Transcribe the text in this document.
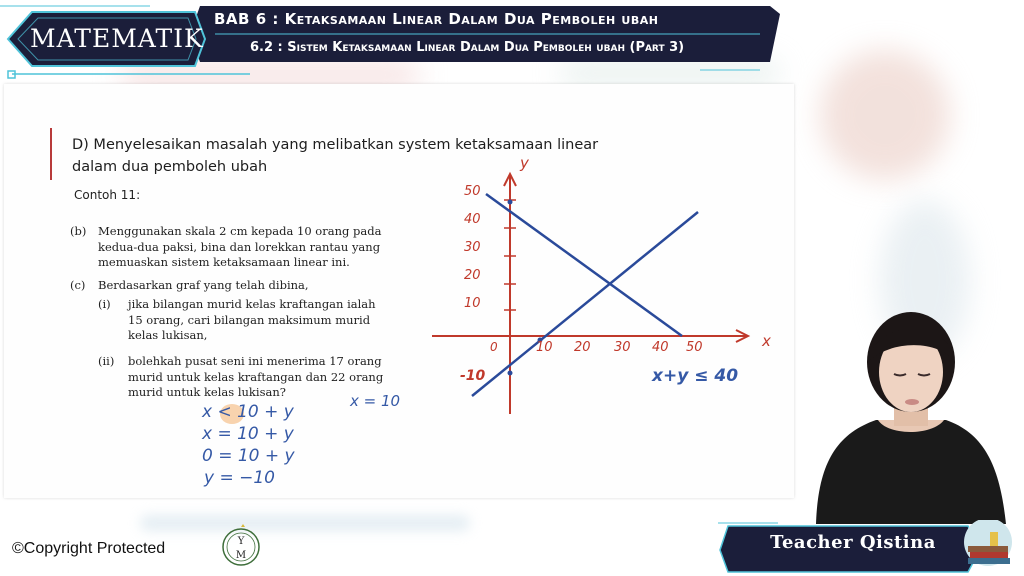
MATEMATIK
BAB 6 : Ketaksamaan Linear Dalam Dua Pemboleh ubah
6.2 : Sistem Ketaksamaan Linear Dalam Dua Pemboleh ubah (Part 3)
D) Menyelesaikan masalah yang melibatkan system ketaksamaan linear
dalam dua pemboleh ubah
Contoh 11:
(b) Menggunakan skala 2 cm kepada 10 orang pada
kedua-dua paksi, bina dan lorekkan rantau yang
memuaskan sistem ketaksamaan linear ini.
(c) Berdasarkan graf yang telah dibina,
(i) jika bilangan murid kelas kraftangan ialah
15 orang, cari bilangan maksimum murid
kelas lukisan,
(ii) bolehkah pusat seni ini menerima 17 orang
murid untuk kelas kraftangan dan 22 orang
murid untuk kelas lukisan?
x < 10 + y
x = 10 + y
0 = 10 + y
y = −10
x = 10
y
x
0
-10
50
40
30
20
10
10 20 30 40 50
x+y ≤ 40
©Copyright Protected	Y
M
Teacher Qistina
